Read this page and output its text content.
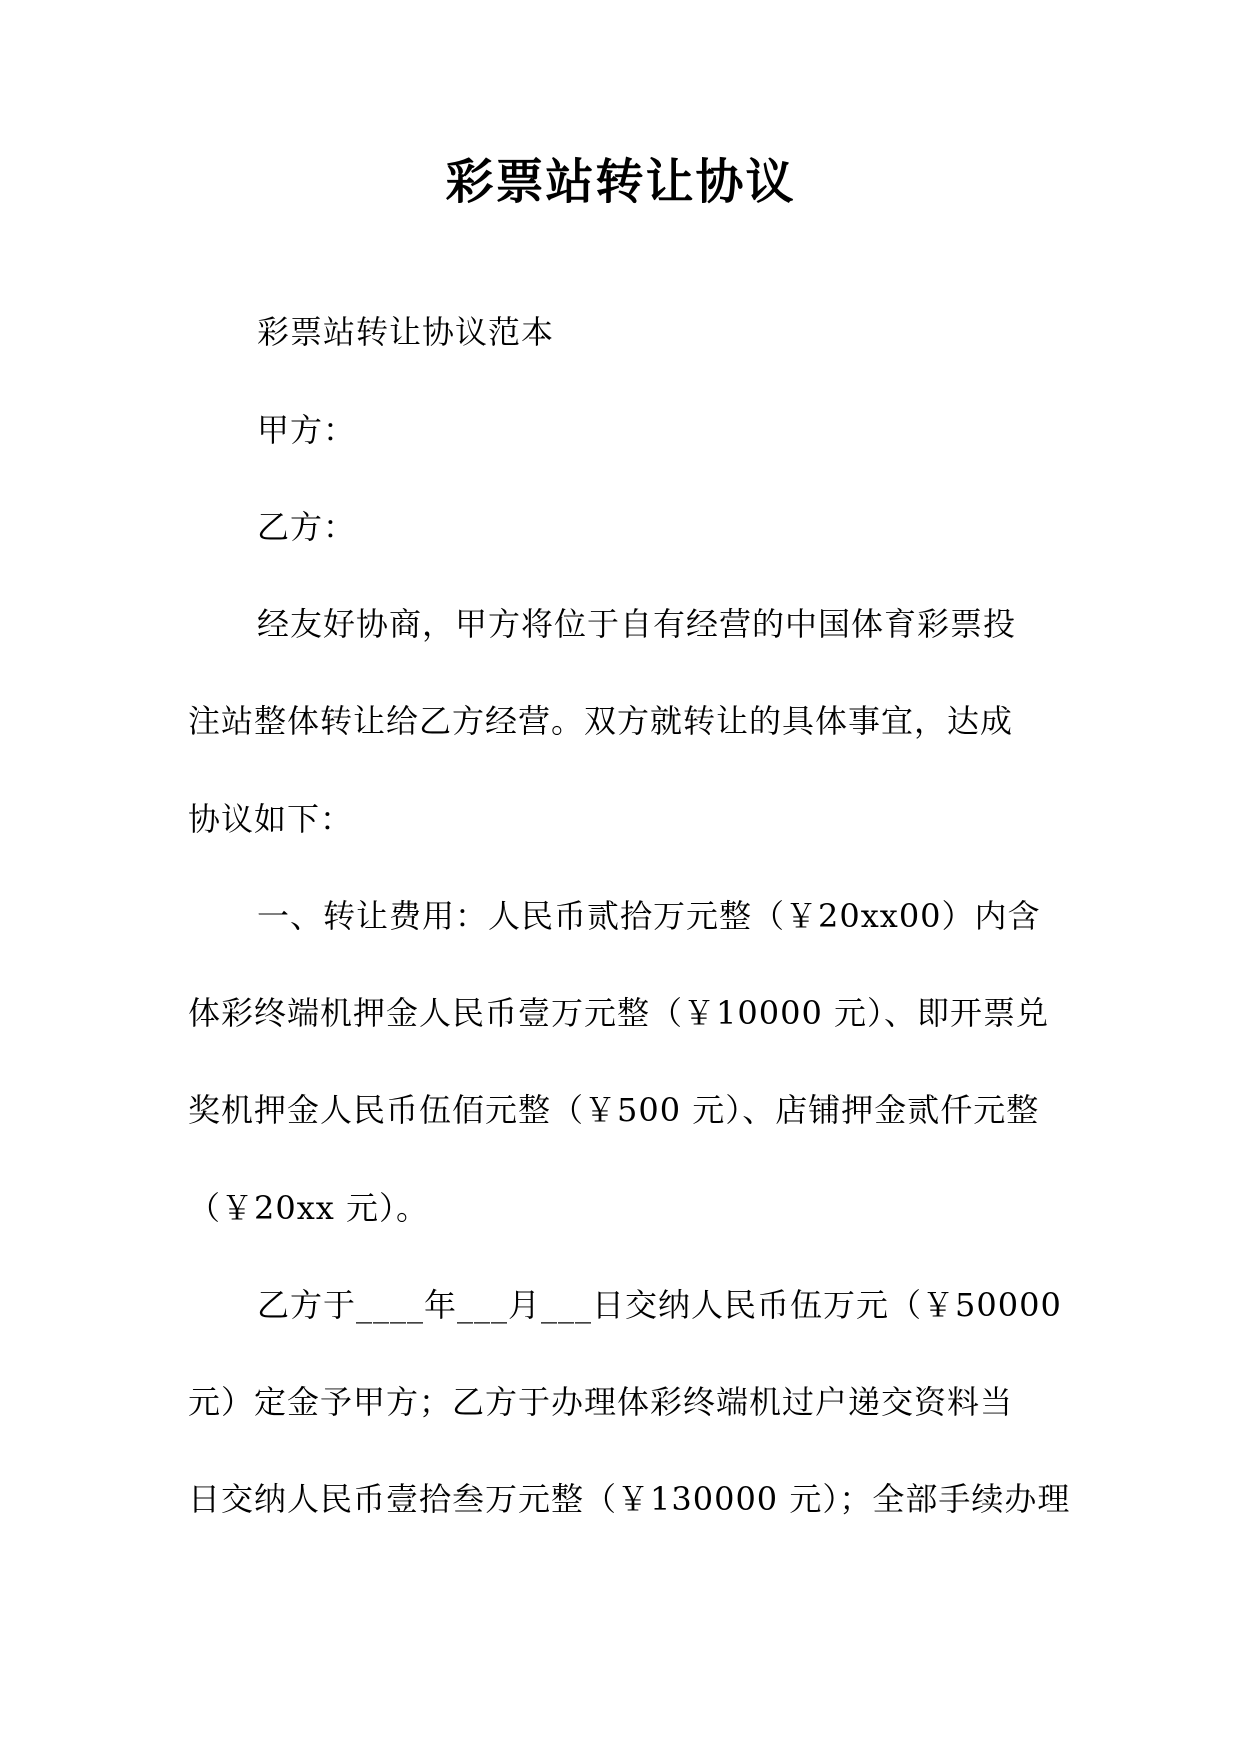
彩票站转让协议
彩票站转让协议范本
甲方：
乙方：
经友好协商，甲方将位于自有经营的中国体育彩票投
注站整体转让给乙方经营。双方就转让的具体事宜，达成
协议如下：
一、转让费用：人民币贰拾万元整（￥20xx00）内含
体彩终端机押金人民币壹万元整（￥10000 元）、即开票兑
奖机押金人民币伍佰元整（￥500 元）、店铺押金贰仟元整
（￥20xx 元）。
乙方于____年___月___日交纳人民币伍万元（￥50000
元）定金予甲方；乙方于办理体彩终端机过户递交资料当
日交纳人民币壹拾叁万元整（￥130000 元）；全部手续办理
